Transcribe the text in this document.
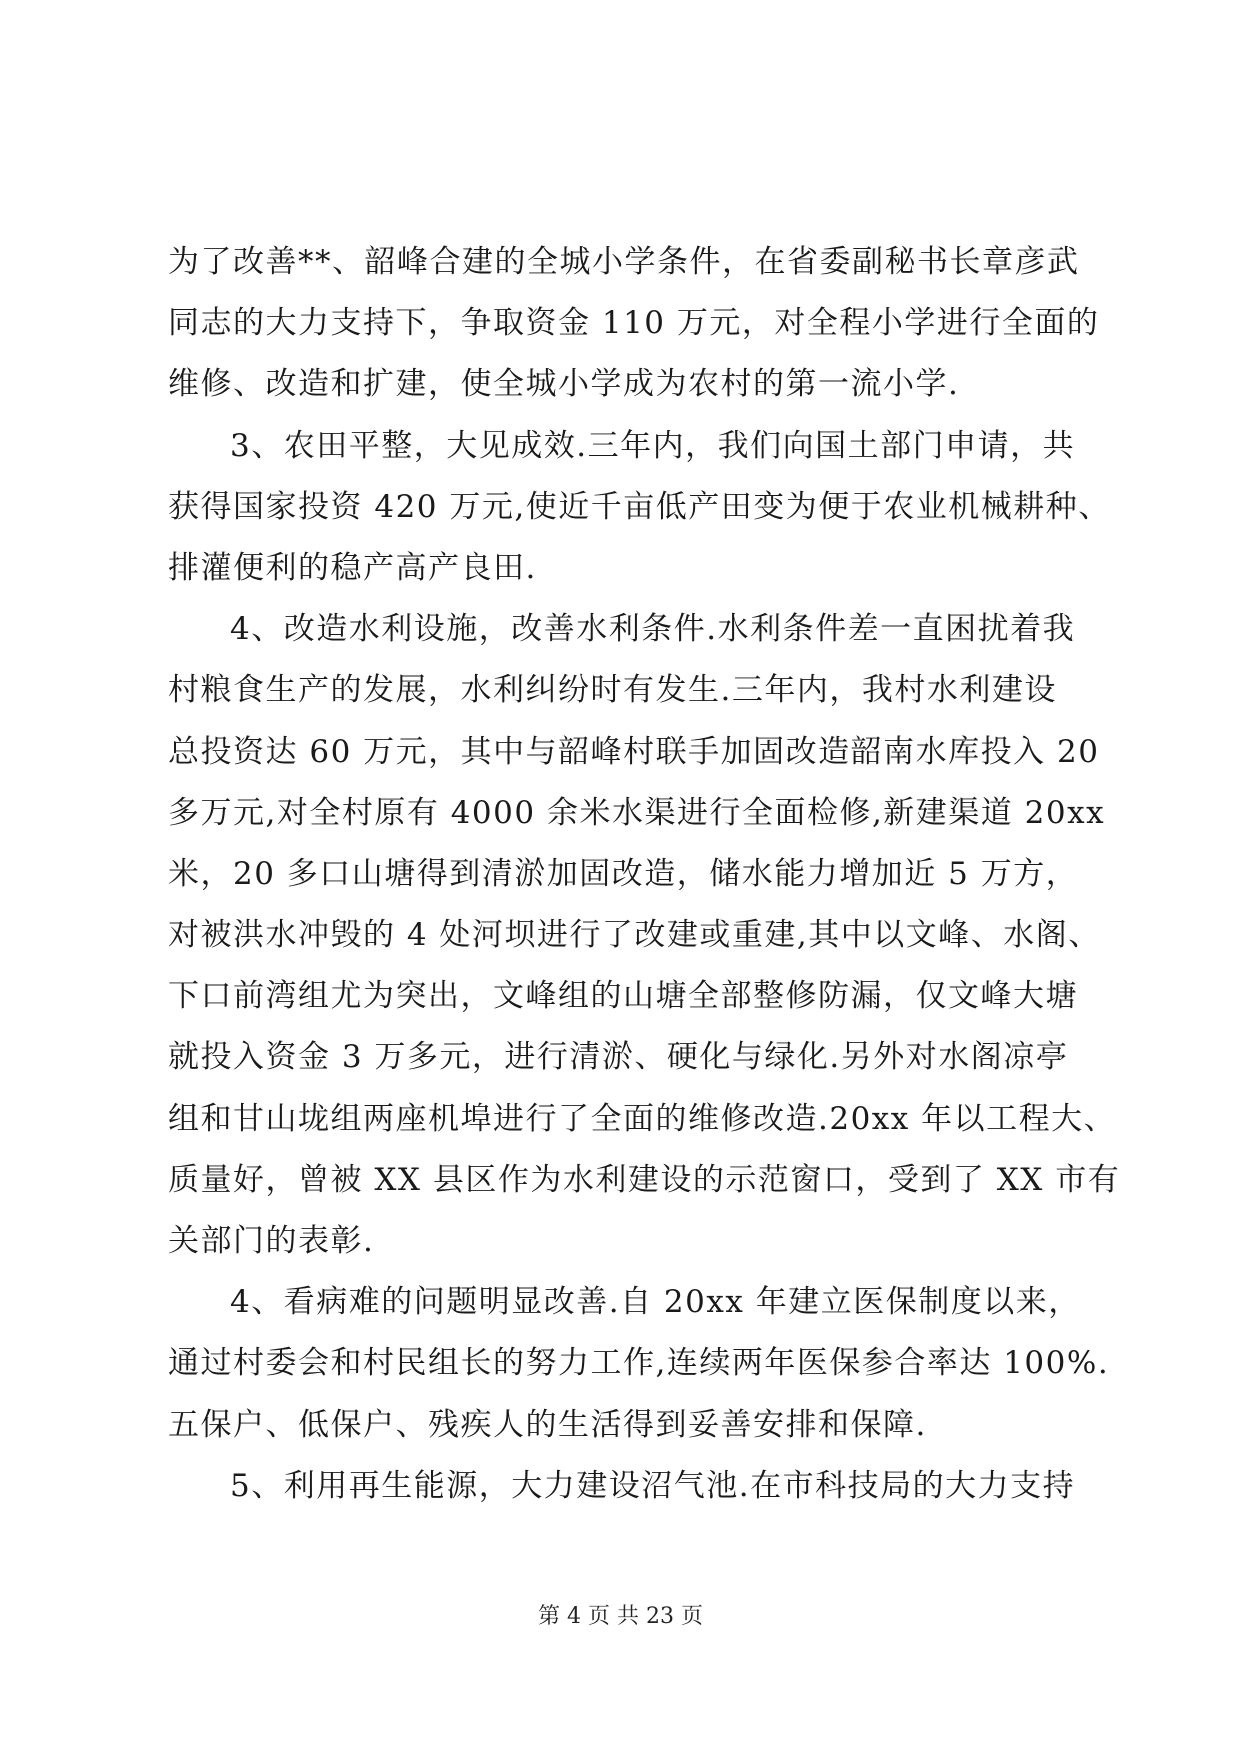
为了改善**、韶峰合建的全城小学条件，在省委副秘书长章彦武
同志的大力支持下，争取资金 110 万元，对全程小学进行全面的
维修、改造和扩建，使全城小学成为农村的第一流小学.
3、农田平整，大见成效.三年内，我们向国土部门申请，共
获得国家投资 420 万元,使近千亩低产田变为便于农业机械耕种、
排灌便利的稳产高产良田.
4、改造水利设施，改善水利条件.水利条件差一直困扰着我
村粮食生产的发展，水利纠纷时有发生.三年内，我村水利建设
总投资达 60 万元，其中与韶峰村联手加固改造韶南水库投入 20
多万元,对全村原有 4000 余米水渠进行全面检修,新建渠道 20xx
米，20 多口山塘得到清淤加固改造，储水能力增加近 5 万方，
对被洪水冲毁的 4 处河坝进行了改建或重建,其中以文峰、水阁、
下口前湾组尤为突出，文峰组的山塘全部整修防漏，仅文峰大塘
就投入资金 3 万多元，进行清淤、硬化与绿化.另外对水阁凉亭
组和甘山垅组两座机埠进行了全面的维修改造.20xx 年以工程大、
质量好，曾被 XX 县区作为水利建设的示范窗口，受到了 XX 市有
关部门的表彰.
4、看病难的问题明显改善.自 20xx 年建立医保制度以来，
通过村委会和村民组长的努力工作,连续两年医保参合率达 100%.
五保户、低保户、残疾人的生活得到妥善安排和保障.
5、利用再生能源，大力建设沼气池.在市科技局的大力支持
第 4 页 共 23 页
